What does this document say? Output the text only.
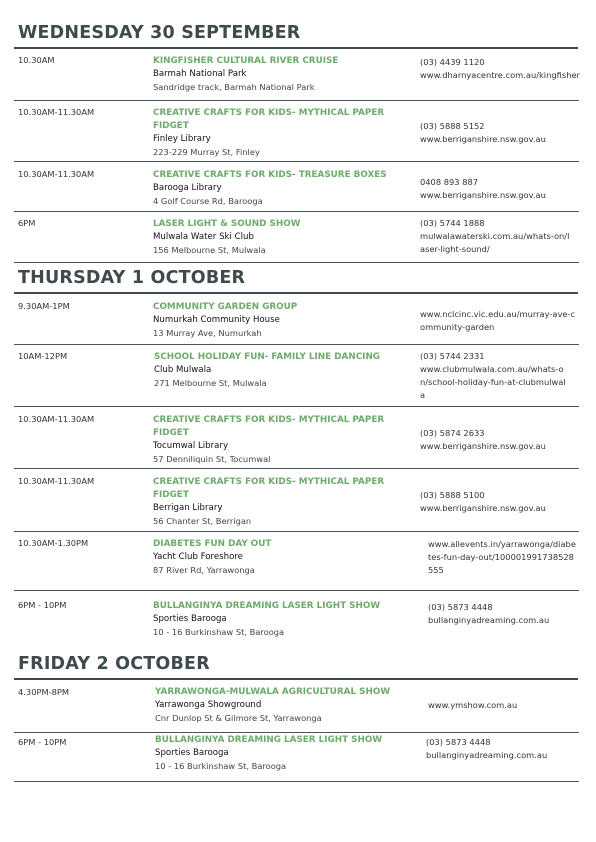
WEDNESDAY 30 SEPTEMBER
10.30AM	KINGFISHER CULTURAL RIVER CRUISE
Barmah National Park
Sandridge track, Barmah National Park
(03) 4439 1120
www.dharnyacentre.com.au/kingfisher
10.30AM-11.30AM	CREATIVE CRAFTS FOR KIDS- MYTHICAL PAPER FIDGET
Finley Library
223-229 Murray St, Finley
(03) 5888 5152
www.berriganshire.nsw.gov.au
10.30AM-11.30AM	CREATIVE CRAFTS FOR KIDS- TREASURE BOXES
Barooga Library
4 Golf Course Rd, Barooga
0408 893 887
www.berriganshire.nsw.gov.au
6PM	LASER LIGHT & SOUND SHOW
Mulwala Water Ski Club
156 Melbourne St, Mulwala
(03) 5744 1888
mulwalawaterski.com.au/whats-on/laser-light-sound/
THURSDAY 1 OCTOBER
9.30AM-1PM	COMMUNITY GARDEN GROUP
Numurkah Community House
13 Murray Ave, Numurkah
www.nclcinc.vic.edu.au/murray-ave-community-garden
10AM-12PM	SCHOOL HOLIDAY FUN- FAMILY LINE DANCING
Club Mulwala
271 Melbourne St, Mulwala
(03) 5744 2331
www.clubmulwala.com.au/whats-on/school-holiday-fun-at-clubmulwala
10.30AM-11.30AM	CREATIVE CRAFTS FOR KIDS- MYTHICAL PAPER FIDGET
Tocumwal Library
57 Denniliquin St, Tocumwal
(03) 5874 2633
www.berriganshire.nsw.gov.au
10.30AM-11.30AM	CREATIVE CRAFTS FOR KIDS- MYTHICAL PAPER FIDGET
Berrigan Library
56 Chanter St, Berrigan
(03) 5888 5100
www.berriganshire.nsw.gov.au
10.30AM-1.30PM	DIABETES FUN DAY OUT
Yacht Club Foreshore
87 River Rd, Yarrawonga
www.allevents.in/yarrawonga/diabetes-fun-day-out/100001991738528555
6PM - 10PM	BULLANGINYA DREAMING LASER LIGHT SHOW
Sporties Barooga
10 - 16 Burkinshaw St, Barooga
(03) 5873 4448
bullanginyadreaming.com.au
FRIDAY 2 OCTOBER
4.30PM-8PM	YARRAWONGA-MULWALA AGRICULTURAL SHOW
Yarrawonga Showground
Cnr Dunlop St & Gilmore St, Yarrawonga
www.ymshow.com.au
6PM - 10PM	BULLANGINYA DREAMING LASER LIGHT SHOW
Sporties Barooga
10 - 16 Burkinshaw St, Barooga
(03) 5873 4448
bullanginyadreaming.com.au
